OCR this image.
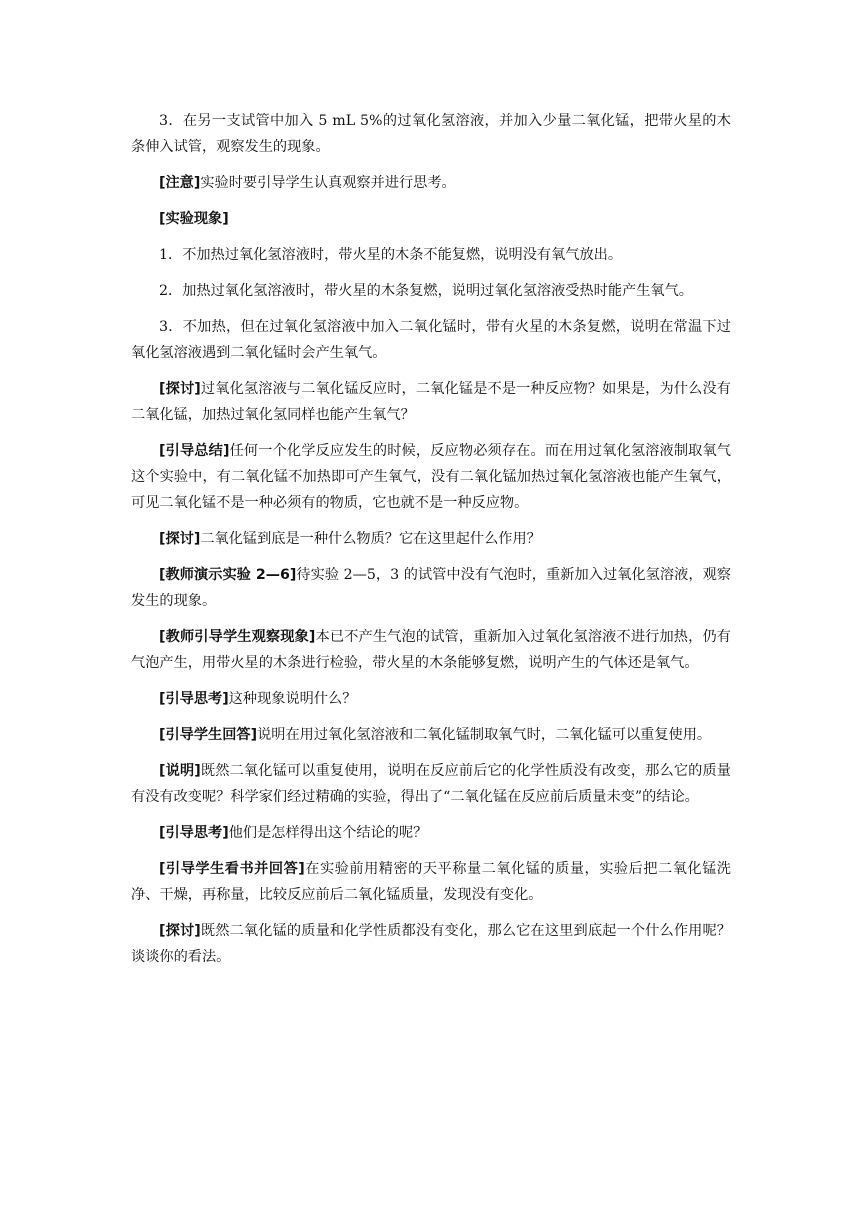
3．在另一支试管中加入 5 mL 5%的过氧化氢溶液，并加入少量二氧化锰，把带火星的木条伸入试管，观察发生的现象。

[注意]实验时要引导学生认真观察并进行思考。

[实验现象]

1．不加热过氧化氢溶液时，带火星的木条不能复燃，说明没有氧气放出。

2．加热过氧化氢溶液时，带火星的木条复燃，说明过氧化氢溶液受热时能产生氧气。

3．不加热，但在过氧化氢溶液中加入二氧化锰时，带有火星的木条复燃，说明在常温下过氧化氢溶液遇到二氧化锰时会产生氧气。

[探讨]过氧化氢溶液与二氧化锰反应时，二氧化锰是不是一种反应物？如果是，为什么没有二氧化锰，加热过氧化氢同样也能产生氧气？

[引导总结]任何一个化学反应发生的时候，反应物必须存在。而在用过氧化氢溶液制取氧气这个实验中，有二氧化锰不加热即可产生氧气，没有二氧化锰加热过氧化氢溶液也能产生氧气，可见二氧化锰不是一种必须有的物质，它也就不是一种反应物。

[探讨]二氧化锰到底是一种什么物质？它在这里起什么作用？

[教师演示实验 2—6]待实验 2—5，3 的试管中没有气泡时，重新加入过氧化氢溶液，观察发生的现象。

[教师引导学生观察现象]本已不产生气泡的试管，重新加入过氧化氢溶液不进行加热，仍有气泡产生，用带火星的木条进行检验，带火星的木条能够复燃，说明产生的气体还是氧气。

[引导思考]这种现象说明什么？

[引导学生回答]说明在用过氧化氢溶液和二氧化锰制取氧气时，二氧化锰可以重复使用。

[说明]既然二氧化锰可以重复使用，说明在反应前后它的化学性质没有改变，那么它的质量有没有改变呢？科学家们经过精确的实验，得出了“二氧化锰在反应前后质量未变”的结论。

[引导思考]他们是怎样得出这个结论的呢？

[引导学生看书并回答]在实验前用精密的天平称量二氧化锰的质量，实验后把二氧化锰洗净、干燥，再称量，比较反应前后二氧化锰质量，发现没有变化。

[探讨]既然二氧化锰的质量和化学性质都没有变化，那么它在这里到底起一个什么作用呢？谈谈你的看法。
